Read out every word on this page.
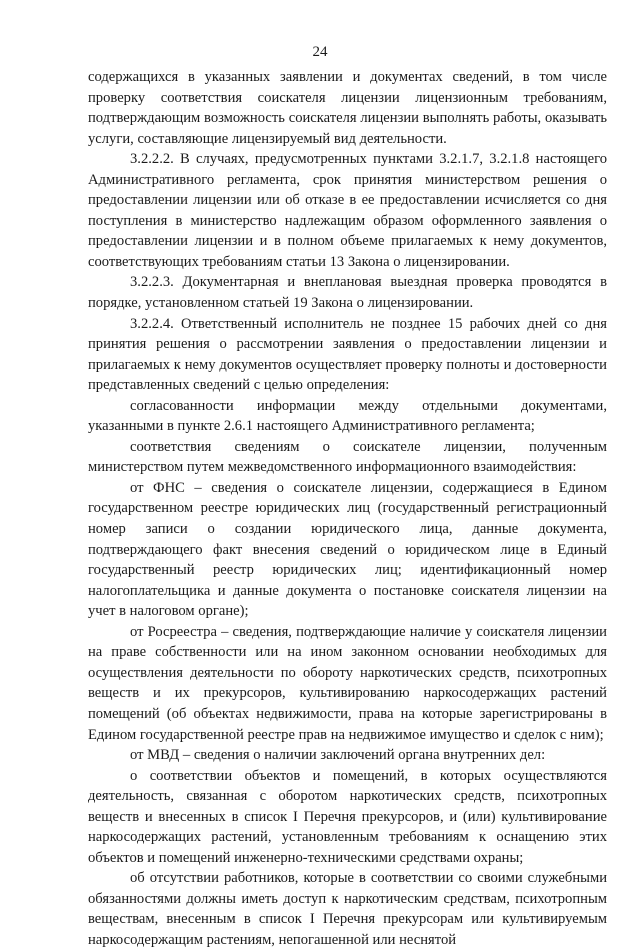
24

содержащихся в указанных заявлении и документах сведений, в том числе проверку соответствия соискателя лицензии лицензионным требованиям, подтверждающим возможность соискателя лицензии выполнять работы, оказывать услуги, составляющие лицензируемый вид деятельности.

3.2.2.2. В случаях, предусмотренных пунктами 3.2.1.7, 3.2.1.8 настоящего Административного регламента, срок принятия министерством решения о предоставлении лицензии или об отказе в ее предоставлении исчисляется со дня поступления в министерство надлежащим образом оформленного заявления о предоставлении лицензии и в полном объеме прилагаемых к нему документов, соответствующих требованиям статьи 13 Закона о лицензировании.

3.2.2.3. Документарная и внеплановая выездная проверка проводятся в порядке, установленном статьей 19 Закона о лицензировании.

3.2.2.4. Ответственный исполнитель не позднее 15 рабочих дней со дня принятия решения о рассмотрении заявления о предоставлении лицензии и прилагаемых к нему документов осуществляет проверку полноты и достоверности представленных сведений с целью определения:

согласованности информации между отдельными документами, указанными в пункте 2.6.1 настоящего Административного регламента;

соответствия сведениям о соискателе лицензии, полученным министерством путем межведомственного информационного взаимодействия:

от ФНС – сведения о соискателе лицензии, содержащиеся в Едином государственном реестре юридических лиц (государственный регистрационный номер записи о создании юридического лица, данные документа, подтверждающего факт внесения сведений о юридическом лице в Единый государственный реестр юридических лиц; идентификационный номер налогоплательщика и данные документа о постановке соискателя лицензии на учет в налоговом органе);

от Росреестра – сведения, подтверждающие наличие у соискателя лицензии на праве собственности или на ином законном основании необходимых для осуществления деятельности по обороту наркотических средств, психотропных веществ и их прекурсоров, культивированию наркосодержащих растений помещений (об объектах недвижимости, права на которые зарегистрированы в Едином государственной реестре прав на недвижимое имущество и сделок с ним);

от МВД – сведения о наличии заключений органа внутренних дел:

о соответствии объектов и помещений, в которых осуществляются деятельность, связанная с оборотом наркотических средств, психотропных веществ и внесенных в список I Перечня прекурсоров, и (или) культивирование наркосодержащих растений, установленным требованиям к оснащению этих объектов и помещений инженерно-техническими средствами охраны;

об отсутствии работников, которые в соответствии со своими служебными обязанностями должны иметь доступ к наркотическим средствам, психотропным веществам, внесенным в список I Перечня прекурсорам или культивируемым наркосодержащим растениям, непогашенной или неснятой
